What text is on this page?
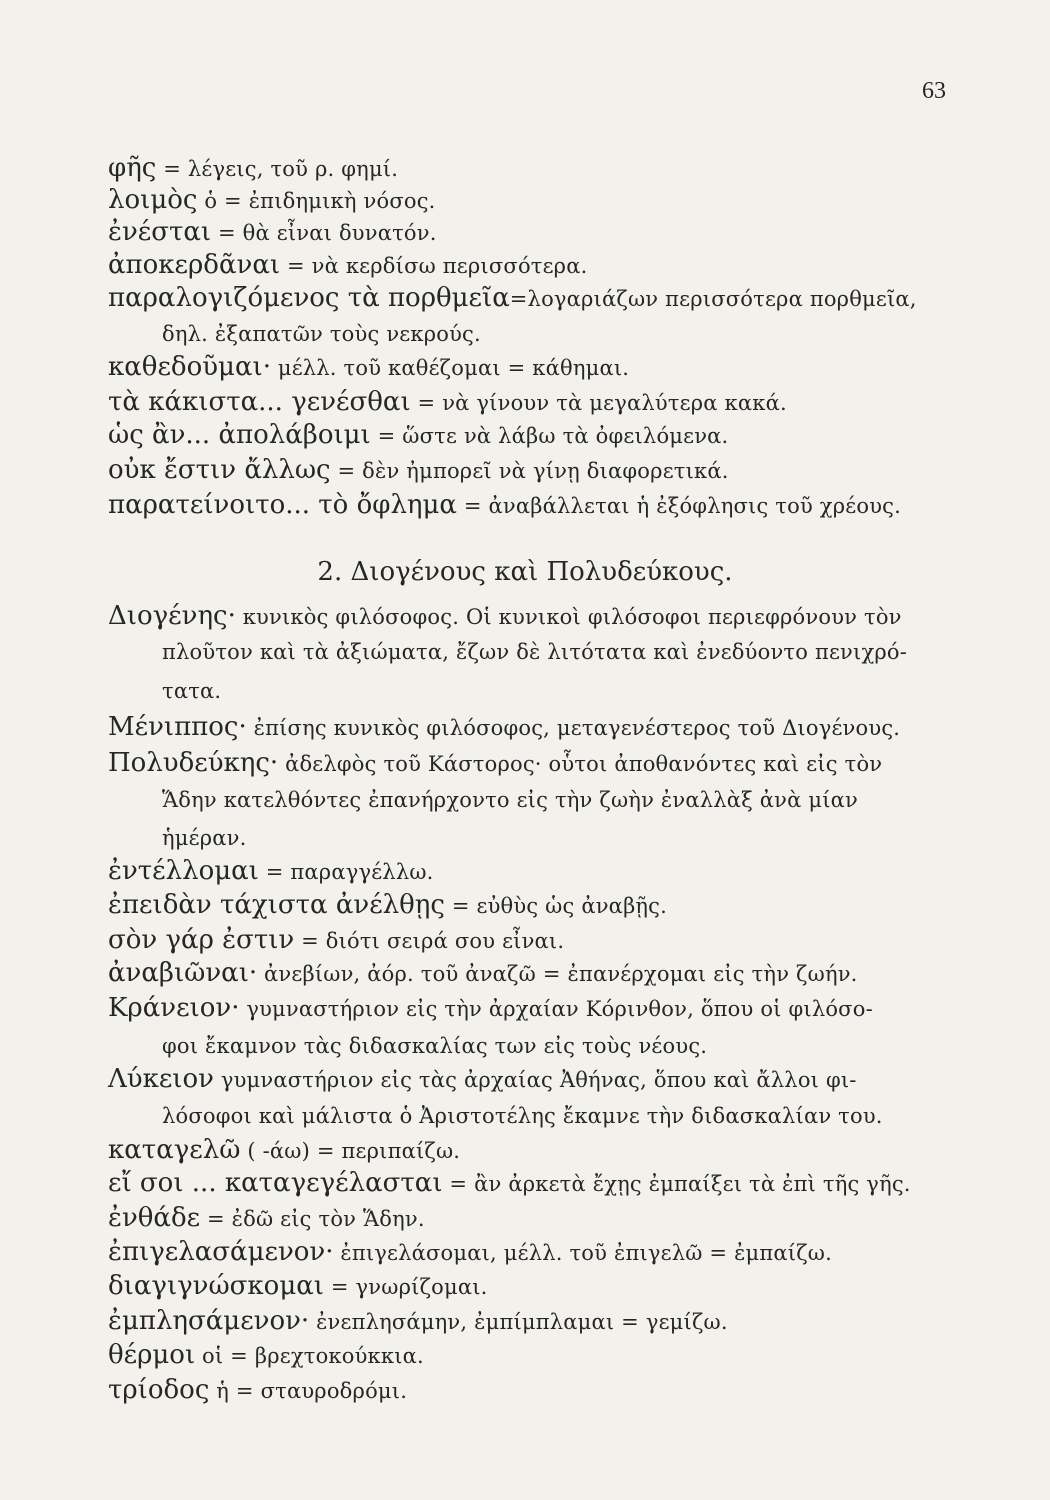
63
φῆς = λέγεις, τοῦ ρ. φημί.
λοιμὸς ὁ = ἐπιδημικὴ νόσος.
ἐνέσται = θὰ εἶναι δυνατόν.
ἀποκερδᾶναι = νὰ κερδίσω περισσότερα.
παραλογιζόμενος τὰ πορθμεῖα=λογαριάζων περισσότερα πορθμεῖα,
δηλ. ἐξαπατῶν τοὺς νεκρούς.
καθεδοῦμαι· μέλλ. τοῦ καθέζομαι = κάθημαι.
τὰ κάκιστα... γενέσθαι = νὰ γίνουν τὰ μεγαλύτερα κακά.
ὡς ἂν... ἀπολάβοιμι = ὥστε νὰ λάβω τὰ ὀφειλόμενα.
οὐκ ἔστιν ἄλλως = δὲν ἠμπορεῖ νὰ γίνῃ διαφορετικά.
παρατείνοιτο... τὸ ὄφλημα = ἀναβάλλεται ἡ ἐξόφλησις τοῦ χρέους.
2. Διογένους καὶ Πολυδεύκους.
Διογένης· κυνικὸς φιλόσοφος. Οἱ κυνικοὶ φιλόσοφοι περιεφρόνουν τὸν
πλοῦτον καὶ τὰ ἀξιώματα, ἔζων δὲ λιτότατα καὶ ἐνεδύοντο πενιχρό-
τατα.
Μένιππος· ἐπίσης κυνικὸς φιλόσοφος, μεταγενέστερος τοῦ Διογένους.
Πολυδεύκης· ἀδελφὸς τοῦ Κάστορος· οὗτοι ἀποθανόντες καὶ εἰς τὸν
Ἅδην κατελθόντες ἐπανήρχοντο εἰς τὴν ζωὴν ἐναλλὰξ ἀνὰ μίαν
ἡμέραν.
ἐντέλλομαι = παραγγέλλω.
ἐπειδὰν τάχιστα ἀνέλθῃς = εὐθὺς ὡς ἀναβῇς.
σὸν γάρ ἐστιν = διότι σειρά σου εἶναι.
ἀναβιῶναι· ἀνεβίων, ἀόρ. τοῦ ἀναζῶ = ἐπανέρχομαι εἰς τὴν ζωήν.
Κράνειον· γυμναστήριον εἰς τὴν ἀρχαίαν Κόρινθον, ὅπου οἱ φιλόσο-
φοι ἔκαμνον τὰς διδασκαλίας των εἰς τοὺς νέους.
Λύκειον γυμναστήριον εἰς τὰς ἀρχαίας Ἀθήνας, ὅπου καὶ ἄλλοι φι-
λόσοφοι καὶ μάλιστα ὁ Ἀριστοτέλης ἔκαμνε τὴν διδασκαλίαν του.
καταγελῶ ( -άω) = περιπαίζω.
εἴ σοι ... καταγεγέλασται = ἂν ἀρκετὰ ἔχῃς ἐμπαίξει τὰ ἐπὶ τῆς γῆς.
ἐνθάδε = ἐδῶ εἰς τὸν Ἅδην.
ἐπιγελασάμενον· ἐπιγελάσομαι, μέλλ. τοῦ ἐπιγελῶ = ἐμπαίζω.
διαγιγνώσκομαι = γνωρίζομαι.
ἐμπλησάμενον· ἐνεπλησάμην, ἐμπίμπλαμαι = γεμίζω.
θέρμοι οἱ = βρεχτοκούκκια.
τρίοδος ἡ = σταυροδρόμι.
